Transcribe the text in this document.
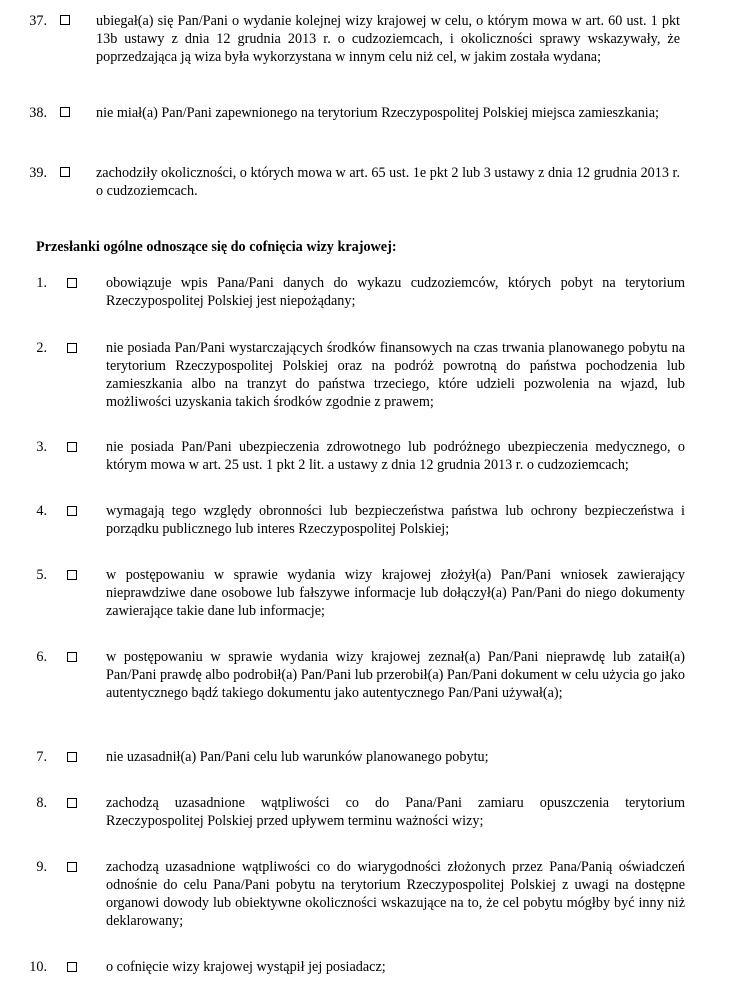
37.	ubiegał(a) się Pan/Pani o wydanie kolejnej wizy krajowej w celu, o którym mowa w art. 60 ust. 1 pkt 13b ustawy z dnia 12 grudnia 2013 r. o cudzoziemcach, i okoliczności sprawy wskazywały, że poprzedzająca ją wiza była wykorzystana w innym celu niż cel, w jakim została wydana;
38.	nie miał(a) Pan/Pani zapewnionego na terytorium Rzeczypospolitej Polskiej miejsca zamieszkania;
39.	zachodziły okoliczności, o których mowa w art. 65 ust. 1e pkt 2 lub 3 ustawy z dnia 12 grudnia 2013 r. o cudzoziemcach.
Przesłanki ogólne odnoszące się do cofnięcia wizy krajowej:
1.	obowiązuje wpis Pana/Pani danych do wykazu cudzoziemców, których pobyt na terytorium Rzeczypospolitej Polskiej jest niepożądany;
2.	nie posiada Pan/Pani wystarczających środków finansowych na czas trwania planowanego pobytu na terytorium Rzeczypospolitej Polskiej oraz na podróż powrotną do państwa pochodzenia lub zamieszkania albo na tranzyt do państwa trzeciego, które udzieli pozwolenia na wjazd, lub możliwości uzyskania takich środków zgodnie z prawem;
3.	nie posiada Pan/Pani ubezpieczenia zdrowotnego lub podróżnego ubezpieczenia medycznego, o którym mowa w art. 25 ust. 1 pkt 2 lit. a ustawy z dnia 12 grudnia 2013 r. o cudzoziemcach;
4.	wymagają tego względy obronności lub bezpieczeństwa państwa lub ochrony bezpieczeństwa i porządku publicznego lub interes Rzeczypospolitej Polskiej;
5.	w postępowaniu w sprawie wydania wizy krajowej złożył(a) Pan/Pani wniosek zawierający nieprawdziwe dane osobowe lub fałszywe informacje lub dołączył(a) Pan/Pani do niego dokumenty zawierające takie dane lub informacje;
6.	w postępowaniu w sprawie wydania wizy krajowej zeznał(a) Pan/Pani nieprawdę lub zataił(a) Pan/Pani prawdę albo podrobił(a) Pan/Pani lub przerobił(a) Pan/Pani dokument w celu użycia go jako autentycznego bądź takiego dokumentu jako autentycznego Pan/Pani używał(a);
7.	nie uzasadnił(a) Pan/Pani celu lub warunków planowanego pobytu;
8.	zachodzą uzasadnione wątpliwości co do Pana/Pani zamiaru opuszczenia terytorium Rzeczypospolitej Polskiej przed upływem terminu ważności wizy;
9.	zachodzą uzasadnione wątpliwości co do wiarygodności złożonych przez Pana/Panią oświadczeń odnośnie do celu Pana/Pani pobytu na terytorium Rzeczypospolitej Polskiej z uwagi na dostępne organowi dowody lub obiektywne okoliczności wskazujące na to, że cel pobytu mógłby być inny niż deklarowany;
10.	o cofnięcie wizy krajowej wystąpił jej posiadacz;
